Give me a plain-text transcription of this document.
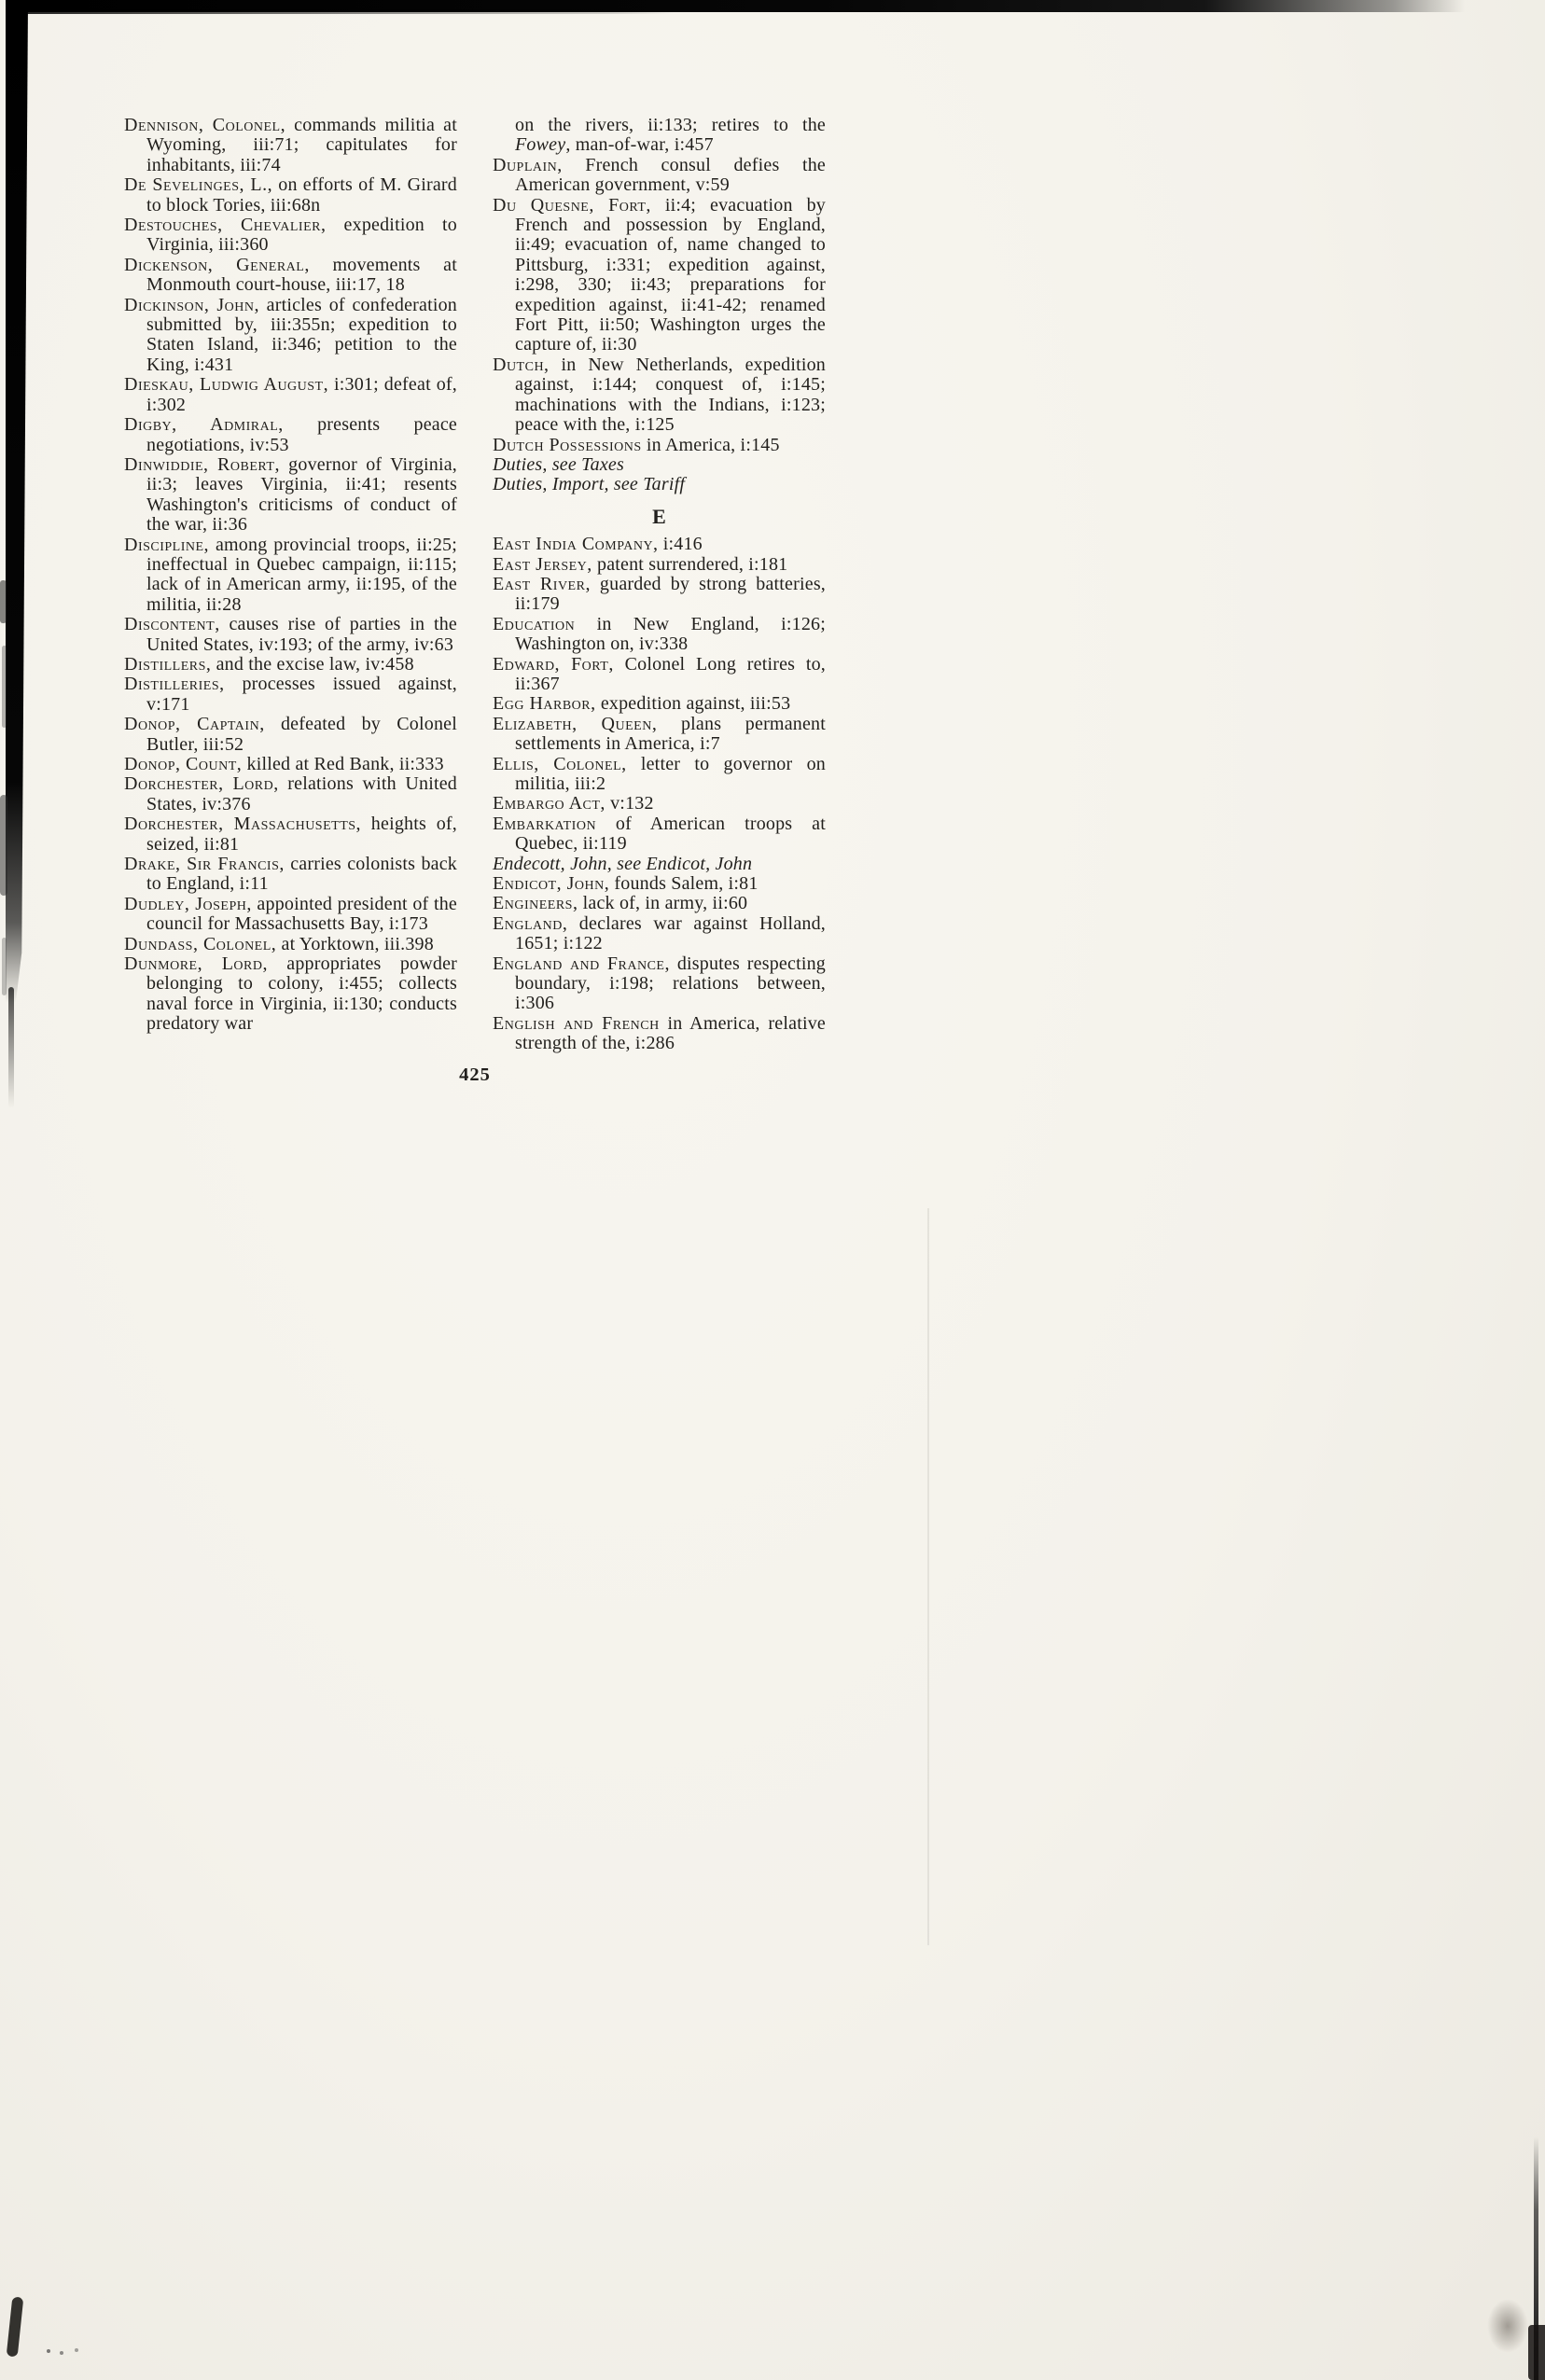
Dennison, Colonel, commands militia at Wyoming, iii:71; capitulates for inhabitants, iii:74
De Sevelinges, L., on efforts of M. Girard to block Tories, iii:68n
Destouches, Chevalier, expedition to Virginia, iii:360
Dickenson, General, movements at Monmouth court-house, iii:17, 18
Dickinson, John, articles of confederation submitted by, iii:355n; expedition to Staten Island, ii:346; petition to the King, i:431
Dieskau, Ludwig August, i:301; defeat of, i:302
Digby, Admiral, presents peace negotiations, iv:53
Dinwiddie, Robert, governor of Virginia, ii:3; leaves Virginia, ii:41; resents Washington's criticisms of conduct of the war, ii:36
Discipline, among provincial troops, ii:25; ineffectual in Quebec campaign, ii:115; lack of in American army, ii:195, of the militia, ii:28
Discontent, causes rise of parties in the United States, iv:193; of the army, iv:63
Distillers, and the excise law, iv:458
Distilleries, processes issued against, v:171
Donop, Captain, defeated by Colonel Butler, iii:52
Donop, Count, killed at Red Bank, ii:333
Dorchester, Lord, relations with United States, iv:376
Dorchester, Massachusetts, heights of, seized, ii:81
Drake, Sir Francis, carries colonists back to England, i:11
Dudley, Joseph, appointed president of the council for Massachusetts Bay, i:173
Dundass, Colonel, at Yorktown, iii.398
Dunmore, Lord, appropriates powder belonging to colony, i:455; collects naval force in Virginia, ii:130; conducts predatory war
on the rivers, ii:133; retires to the Fowey, man-of-war, i:457
Duplain, French consul defies the American government, v:59
Du Quesne, Fort, ii:4; evacuation by French and possession by England, ii:49; evacuation of, name changed to Pittsburg, i:331; expedition against, i:298, 330; ii:43; preparations for expedition against, ii:41-42; renamed Fort Pitt, ii:50; Washington urges the capture of, ii:30
Dutch, in New Netherlands, expedition against, i:144; conquest of, i:145; machinations with the Indians, i:123; peace with the, i:125
Dutch Possessions in America, i:145
Duties, see Taxes
Duties, Import, see Tariff
E
East India Company, i:416
East Jersey, patent surrendered, i:181
East River, guarded by strong batteries, ii:179
Education in New England, i:126; Washington on, iv:338
Edward, Fort, Colonel Long retires to, ii:367
Egg Harbor, expedition against, iii:53
Elizabeth, Queen, plans permanent settlements in America, i:7
Ellis, Colonel, letter to governor on militia, iii:2
Embargo Act, v:132
Embarkation of American troops at Quebec, ii:119
Endecott, John, see Endicot, John
Endicot, John, founds Salem, i:81
Engineers, lack of, in army, ii:60
England, declares war against Holland, 1651; i:122
England and France, disputes respecting boundary, i:198; relations between, i:306
English and French in America, relative strength of the, i:286
425
